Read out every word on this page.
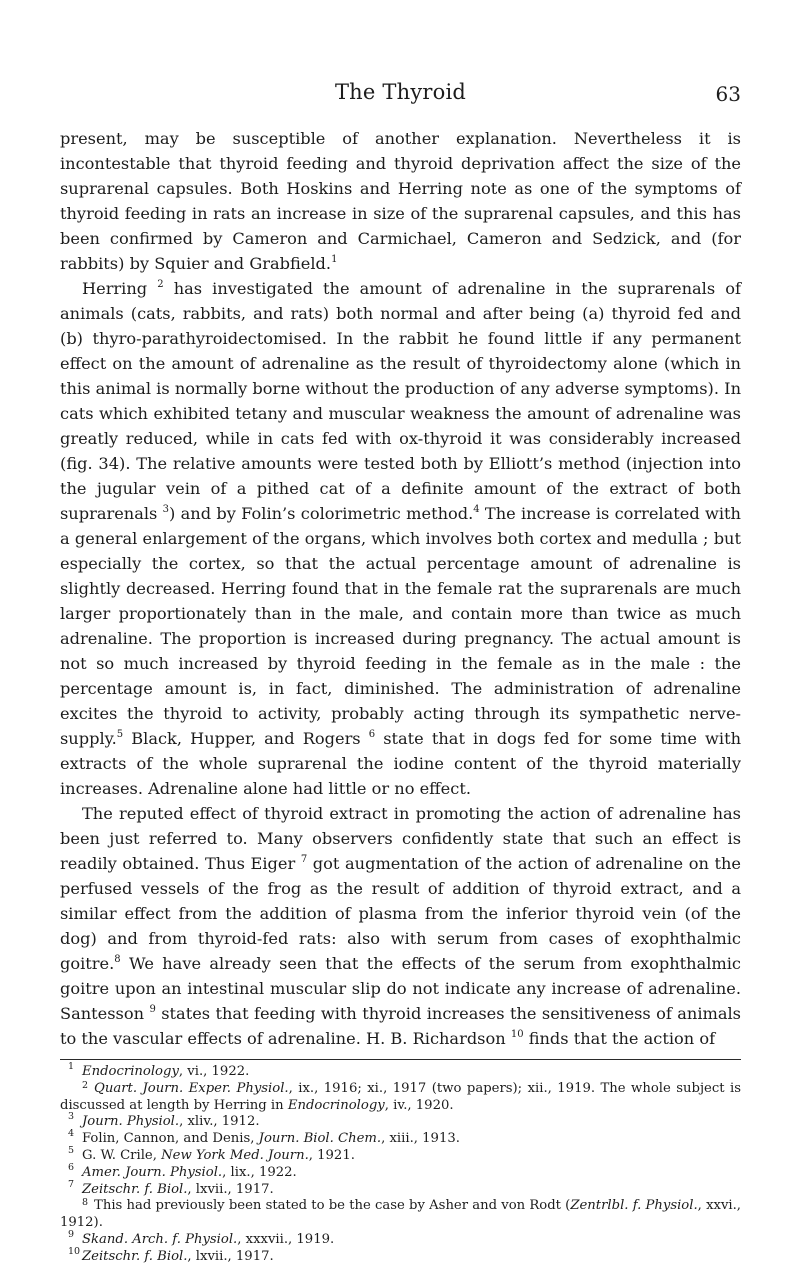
The Thyroid	63

present, may be susceptible of another explanation. Nevertheless it is incontestable that thyroid feeding and thyroid deprivation affect the size of the suprarenal capsules. Both Hoskins and Herring note as one of the symptoms of thyroid feeding in rats an increase in size of the suprarenal capsules, and this has been confirmed by Cameron and Carmichael, Cameron and Sedzick, and (for rabbits) by Squier and Grabfield.$^1$

Herring $^2$ has investigated the amount of adrenaline in the suprarenals of animals (cats, rabbits, and rats) both normal and after being (a) thyroid fed and (b) thyro-parathyroidectomised. In the rabbit he found little if any permanent effect on the amount of adrenaline as the result of thyroidectomy alone (which in this animal is normally borne without the production of any adverse symptoms). In cats which exhibited tetany and muscular weakness the amount of adrenaline was greatly reduced, while in cats fed with ox-thyroid it was considerably increased (fig. 34). The relative amounts were tested both by Elliott’s method (injection into the jugular vein of a pithed cat of a definite amount of the extract of both suprarenals $^3$) and by Folin’s colorimetric method.$^4$ The increase is correlated with a general enlargement of the organs, which involves both cortex and medulla ; but especially the cortex, so that the actual percentage amount of adrenaline is slightly decreased. Herring found that in the female rat the suprarenals are much larger proportionately than in the male, and contain more than twice as much adrenaline. The proportion is increased during pregnancy. The actual amount is not so much increased by thyroid feeding in the female as in the male : the percentage amount is, in fact, diminished. The administration of adrenaline excites the thyroid to activity, probably acting through its sympathetic nerve-supply.$^5$ Black, Hupper, and Rogers $^6$ state that in dogs fed for some time with extracts of the whole suprarenal the iodine content of the thyroid materially increases. Adrenaline alone had little or no effect.

The reputed effect of thyroid extract in promoting the action of adrenaline has been just referred to. Many observers confidently state that such an effect is readily obtained. Thus Eiger $^7$ got augmentation of the action of adrenaline on the perfused vessels of the frog as the result of addition of thyroid extract, and a similar effect from the addition of plasma from the inferior thyroid vein (of the dog) and from thyroid-fed rats: also with serum from cases of exophthalmic goitre.$^8$ We have already seen that the effects of the serum from exophthalmic goitre upon an intestinal muscular slip do not indicate any increase of adrenaline. Santesson $^9$ states that feeding with thyroid increases the sensitiveness of animals to the vascular effects of adrenaline. H. B. Richardson $^{10}$ finds that the action of

1 Endocrinology, vi., 1922.
$^2$ Quart. Journ. Exper. Physiol., ix., 1916; xi., 1917 (two papers); xii., 1919. The whole subject is discussed at length by Herring in Endocrinology, iv., 1920.
3 Journ. Physiol., xliv., 1912.
4 Folin, Cannon, and Denis, Journ. Biol. Chem., xiii., 1913.
5 G. W. Crile, New York Med. Journ., 1921.
6 Amer. Journ. Physiol., lix., 1922.
7 Zeitschr. f. Biol., lxvii., 1917.
$^8$ This had previously been stated to be the case by Asher and von Rodt (Zentrlbl. f. Physiol., xxvi., 1912).
9 Skand. Arch. f. Physiol., xxxvii., 1919.
10 Zeitschr. f. Biol., lxvii., 1917.
